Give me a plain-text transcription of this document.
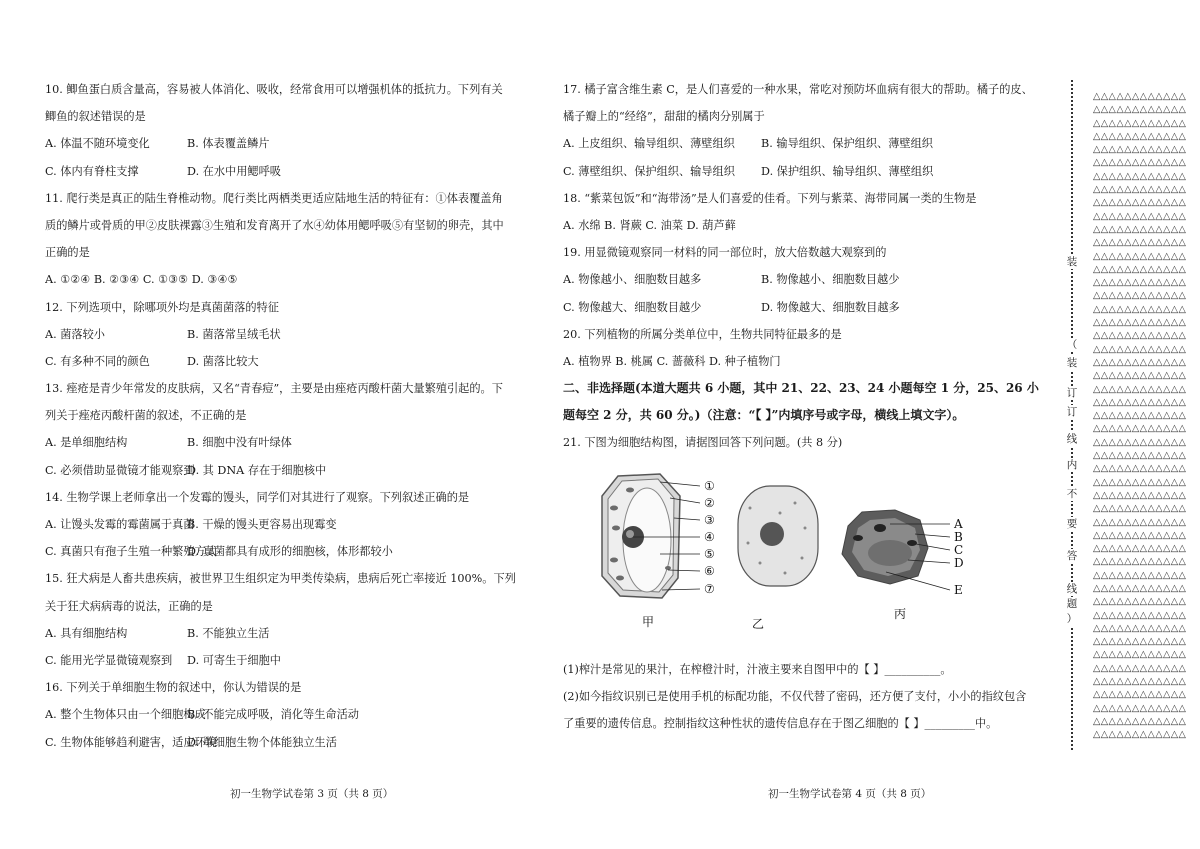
10. 鲫鱼蛋白质含量高，容易被人体消化、吸收，经常食用可以增强机体的抵抗力。下列有关
鲫鱼的叙述错误的是
A. 体温不随环境变化	B. 体表覆盖鳞片
C. 体内有脊柱支撑	D. 在水中用鳃呼吸
11. 爬行类是真正的陆生脊椎动物。爬行类比两栖类更适应陆地生活的特征有：①体表覆盖角
质的鳞片或骨质的甲②皮肤裸露③生殖和发育离开了水④幼体用鳃呼吸⑤有坚韧的卵壳，其中
正确的是
A. ①②④ B. ②③④ C. ①③⑤ D. ③④⑤
12. 下列选项中，除哪项外均是真菌菌落的特征
A. 菌落较小	B. 菌落常呈绒毛状
C. 有多种不同的颜色	D. 菌落比较大
13. 痤疮是青少年常发的皮肤病，又名“青春痘”，主要是由痤疮丙酸杆菌大量繁殖引起的。下
列关于痤疮丙酸杆菌的叙述，不正确的是
A. 是单细胞结构	B. 细胞中没有叶绿体
C. 必须借助显微镜才能观察到
D. 其 DNA 存在于细胞核中
14. 生物学课上老师拿出一个发霉的馒头，同学们对其进行了观察。下列叙述正确的是
A. 让馒头发霉的霉菌属于真菌
B. 干燥的馒头更容易出现霉变
C. 真菌只有孢子生殖一种繁殖方式
D. 真菌都具有成形的细胞核，体形都较小
15. 狂犬病是人畜共患疾病，被世界卫生组织定为甲类传染病，患病后死亡率接近 100%。下列
关于狂犬病病毒的说法，正确的是
A. 具有细胞结构	B. 不能独立生活
C. 能用光学显微镜观察到	D. 可寄生于细胞中
16. 下列关于单细胞生物的叙述中，你认为错误的是
A. 整个生物体只由一个细胞构成
B. 不能完成呼吸，消化等生命活动
C. 生物体能够趋利避害，适应环境
D. 单细胞生物个体能独立生活
17. 橘子富含维生素 C，是人们喜爱的一种水果，常吃对预防坏血病有很大的帮助。橘子的皮、
橘子瓣上的“经络”，甜甜的橘肉分别属于
A. 上皮组织、输导组织、薄壁组织	B. 输导组织、保护组织、薄壁组织
C. 薄壁组织、保护组织、输导组织	D. 保护组织、输导组织、薄壁组织
18. “紫菜包饭”和“海带汤”是人们喜爱的佳肴。下列与紫菜、海带同属一类的生物是
A. 水绵 B. 肾蕨 C. 油菜 D. 葫芦藓
19. 用显微镜观察同一材料的同一部位时，放大倍数越大观察到的
A. 物像越小、细胞数目越多	B. 物像越小、细胞数目越少
C. 物像越大、细胞数目越少	D. 物像越大、细胞数目越多
20. 下列植物的所属分类单位中，生物共同特征最多的是
A. 植物界 B. 桃属 C. 蔷薇科 D. 种子植物门
二、非选择题(本道大题共 6 小题，其中 21、22、23、24 小题每空 1 分，25、26 小
题每空 2 分，共 60 分。)（注意：“【 】”内填序号或字母，横线上填文字）。
21. 下图为细胞结构图，请据图回答下列问题。(共 8 分)
①
②
③
④
⑤
⑥
⑦
A
B
C
D
E
甲	乙
丙
(1)榨汁是常见的果汁，在榨橙汁时，汁液主要来自图甲中的【 】__________。
(2)如今指纹识别已是使用手机的标配功能，不仅代替了密码，还方便了支付，小小的指纹包含
了重要的遗传信息。控制指纹这种性状的遗传信息存在于图乙细胞的【 】_________中。
初一生物学试卷第 3 页（共 8 页）	初一生物学试卷第 4 页（共 8 页）
装
（
装
订
订
线
内
不
要
答
线
题
）
△△△△△△△△△△△△
△△△△△△△△△△△△
△△△△△△△△△△△△
△△△△△△△△△△△△
△△△△△△△△△△△△
△△△△△△△△△△△△
△△△△△△△△△△△△
△△△△△△△△△△△△
△△△△△△△△△△△△
△△△△△△△△△△△△
△△△△△△△△△△△△
△△△△△△△△△△△△
△△△△△△△△△△△△
△△△△△△△△△△△△
△△△△△△△△△△△△
△△△△△△△△△△△△
△△△△△△△△△△△△
△△△△△△△△△△△△
△△△△△△△△△△△△
△△△△△△△△△△△△
△△△△△△△△△△△△
△△△△△△△△△△△△
△△△△△△△△△△△△
△△△△△△△△△△△△
△△△△△△△△△△△△
△△△△△△△△△△△△
△△△△△△△△△△△△
△△△△△△△△△△△△
△△△△△△△△△△△△
△△△△△△△△△△△△
△△△△△△△△△△△△
△△△△△△△△△△△△
△△△△△△△△△△△△
△△△△△△△△△△△△
△△△△△△△△△△△△
△△△△△△△△△△△△
△△△△△△△△△△△△
△△△△△△△△△△△△
△△△△△△△△△△△△
△△△△△△△△△△△△
△△△△△△△△△△△△
△△△△△△△△△△△△
△△△△△△△△△△△△
△△△△△△△△△△△△
△△△△△△△△△△△△
△△△△△△△△△△△△
△△△△△△△△△△△△
△△△△△△△△△△△△
△△△△△△△△△△△△
